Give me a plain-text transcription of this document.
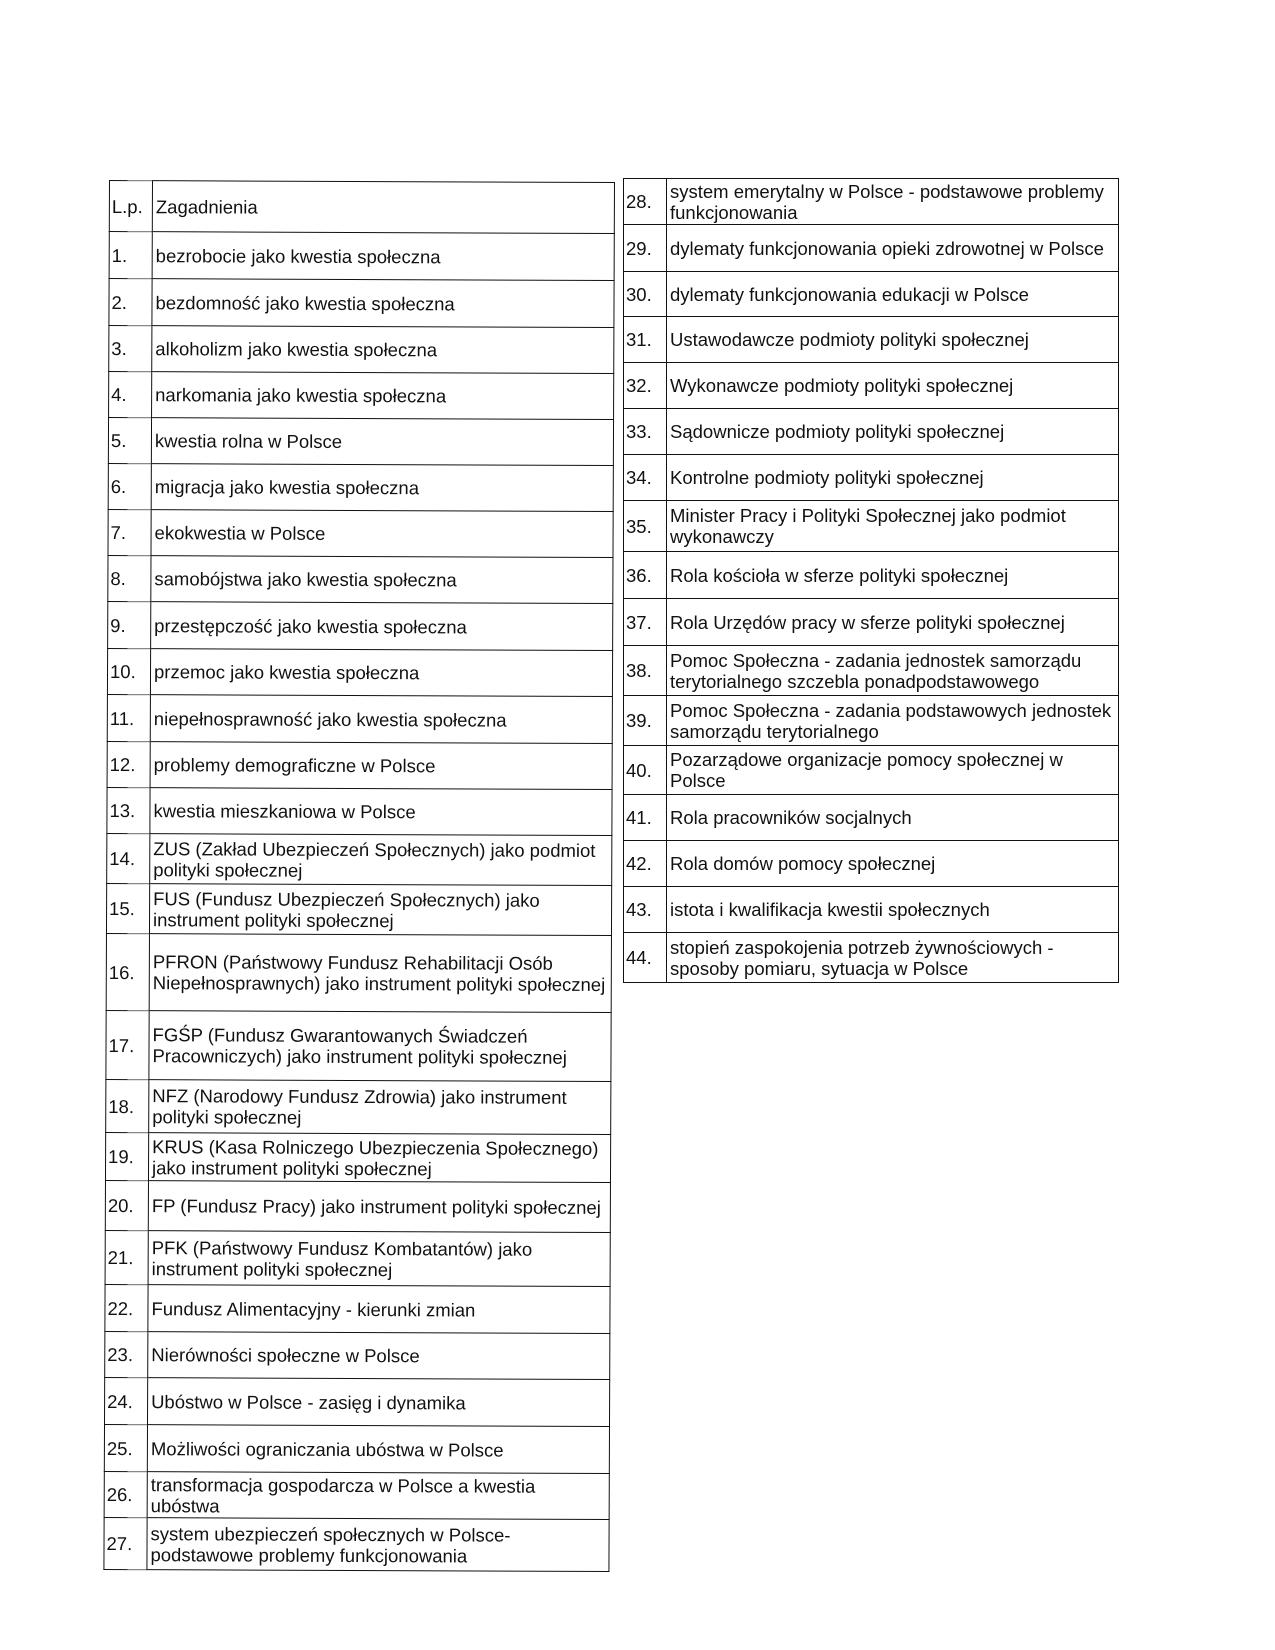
L.p.	Zagadnienia
1.	bezrobocie jako kwestia społeczna
2.	bezdomność jako kwestia społeczna
3.	alkoholizm jako kwestia społeczna
4.	narkomania jako kwestia społeczna
5.	kwestia rolna w Polsce
6.	migracja jako kwestia społeczna
7.	ekokwestia w Polsce
8.	samobójstwa jako kwestia społeczna
9.	przestępczość jako kwestia społeczna
10.	przemoc jako kwestia społeczna
11.	niepełnosprawność jako kwestia społeczna
12.	problemy demograficzne w Polsce
13.	kwestia mieszkaniowa w Polsce
14.	ZUS (Zakład Ubezpieczeń Społecznych) jako podmiot polityki społecznej
15.	FUS (Fundusz Ubezpieczeń Społecznych) jako instrument polityki społecznej
16.	PFRON (Państwowy Fundusz Rehabilitacji Osób Niepełnosprawnych) jako instrument polityki społecznej
17.	FGŚP (Fundusz Gwarantowanych Świadczeń Pracowniczych) jako instrument polityki społecznej
18.	NFZ (Narodowy Fundusz Zdrowia) jako instrument polityki społecznej
19.	KRUS (Kasa Rolniczego Ubezpieczenia Społecznego) jako instrument polityki społecznej
20.	FP (Fundusz Pracy) jako instrument polityki społecznej
21.	PFK (Państwowy Fundusz Kombatantów) jako instrument polityki społecznej
22.	Fundusz Alimentacyjny - kierunki zmian
23.	Nierówności społeczne w Polsce
24.	Ubóstwo w Polsce - zasięg i dynamika
25.	Możliwości ograniczania ubóstwa w Polsce
26.	transformacja gospodarcza w Polsce a kwestia ubóstwa
27.	system ubezpieczeń społecznych w Polsce-podstawowe problemy funkcjonowania
28.	system emerytalny w Polsce - podstawowe problemy funkcjonowania
29.	dylematy funkcjonowania opieki zdrowotnej w Polsce
30.	dylematy funkcjonowania edukacji w Polsce
31.	Ustawodawcze podmioty polityki społecznej
32.	Wykonawcze podmioty polityki społecznej
33.	Sądownicze podmioty polityki społecznej
34.	Kontrolne podmioty polityki społecznej
35.	Minister Pracy i Polityki Społecznej jako podmiot wykonawczy
36.	Rola kościoła w sferze polityki społecznej
37.	Rola Urzędów pracy w sferze polityki społecznej
38.	Pomoc Społeczna - zadania jednostek samorządu terytorialnego szczebla ponadpodstawowego
39.	Pomoc Społeczna - zadania podstawowych jednostek samorządu terytorialnego
40.	Pozarządowe organizacje pomocy społecznej w Polsce
41.	Rola pracowników socjalnych
42.	Rola domów pomocy społecznej
43.	istota i kwalifikacja kwestii społecznych
44.	stopień zaspokojenia potrzeb żywnościowych - sposoby pomiaru, sytuacja w Polsce
